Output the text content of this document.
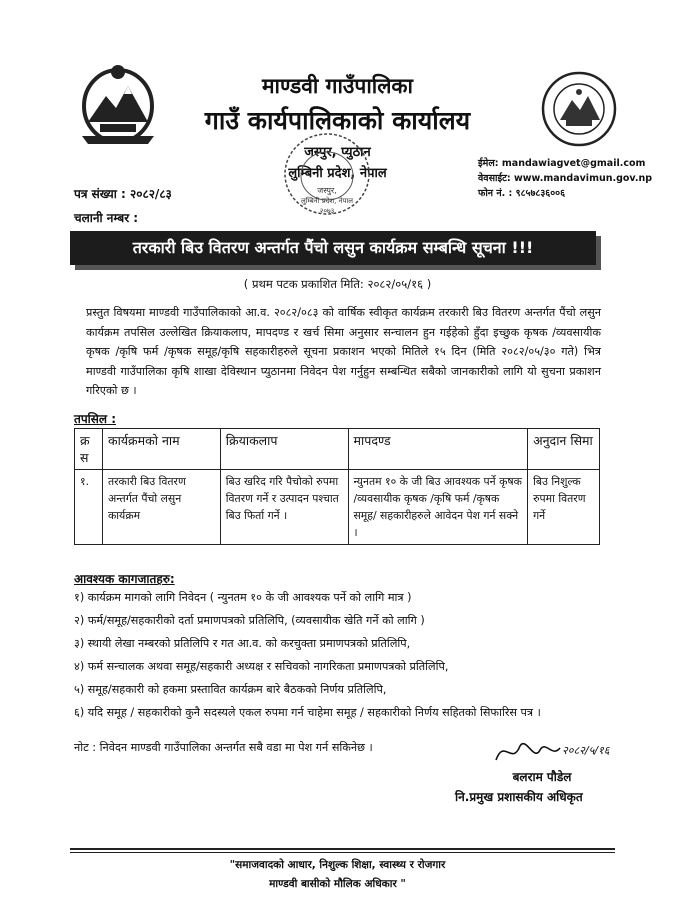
माण्डवी गाउँपालिका
गाउँ कार्यपालिकाको कार्यालय
जस्पुर, प्युठान
लुम्बिनी प्रदेश, नेपाल
जस्पुर,
लुम्बिनी प्रदेश, नेपाल
२०७३
ईमेल: mandawiagvet@gmail.com
वेवसाईट: www.mandavimun.gov.np
फोन नं. : ९८५७८३६००६
पत्र संख्या : २०८२/८३
चलानी नम्बर :
तरकारी बिउ वितरण अन्तर्गत पैंचो लसुन कार्यक्रम सम्बन्धि सूचना !!!
( प्रथम पटक प्रकाशित मिति: २०८२/०५/१६ )
प्रस्तुत विषयमा माण्डवी गाउँपालिकाको आ.व. २०८२/०८३ को वार्षिक स्वीकृत कार्यक्रम तरकारी बिउ वितरण अन्तर्गत पैंचो लसुन कार्यक्रम तपसिल उल्लेखित क्रियाकलाप, मापदण्ड र खर्च सिमा अनुसार सन्चालन हुन गईहेको हुँदा इच्छुक कृषक /व्यवसायीक कृषक /कृषि फर्म /कृषक समूह/कृषि सहकारीहरुले सूचना प्रकाशन भएको मितिले १५ दिन (मिति २०८२/०५/३० गते) भित्र माण्डवी गाउँपालिका कृषि शाखा देविस्थान प्युठानमा निवेदन पेश गर्नुहुन सम्बन्धित सबैको जानकारीको लागि यो सुचना प्रकाशन गरिएको छ ।
तपसिल :
क्र स	कार्यक्रमको नाम	क्रियाकलाप	मापदण्ड	अनुदान सिमा
१.	तरकारी बिउ वितरण अन्तर्गत पैंचो लसुन कार्यक्रम	बिउ खरिद गरि पैचोको रुपमा वितरण गर्ने र उत्पादन पश्चात बिउ फिर्ता गर्ने ।	न्युनतम १० के जी बिउ आवश्यक पर्ने कृषक /व्यवसायीक कृषक /कृषि फर्म /कृषक समूह/ सहकारीहरुले आवेदन पेश गर्न सक्ने ।	बिउ निशुल्क रुपमा वितरण गर्ने
आवश्यक कागजातहरु:
१) कार्यक्रम मागको लागि निवेदन ( न्युनतम १० के जी आवश्यक पर्ने को लागि मात्र )
२) फर्म/समूह/सहकारीको दर्ता प्रमाणपत्रको प्रतिलिपि, (व्यवसायीक खेति गर्ने को लागि )
३) स्थायी लेखा नम्बरको प्रतिलिपि र गत आ.व. को करचुक्ता प्रमाणपत्रको प्रतिलिपि,
४) फर्म सन्चालक अथवा समूह/सहकारी अध्यक्ष र सचिवको नागरिकता प्रमाणपत्रको प्रतिलिपि,
५) समूह/सहकारी को हकमा प्रस्तावित कार्यक्रम बारे बैठकको निर्णय प्रतिलिपि,
६) यदि समूह / सहकारीको कुनै सदस्यले एकल रुपमा गर्न चाहेमा समूह / सहकारीको निर्णय सहितको सिफारिस पत्र ।
नोट : निवेदन माण्डवी गाउँपालिका अन्तर्गत सबै वडा मा पेश गर्न सकिनेछ ।	२०८२/५/१६
बलराम पौडेल
नि.प्रमुख प्रशासकीय अधिकृत
"समाजवादको आधार, निशुल्क शिक्षा, स्वास्थ्य र रोजगार
माण्डवी बासीको मौलिक अधिकार "
